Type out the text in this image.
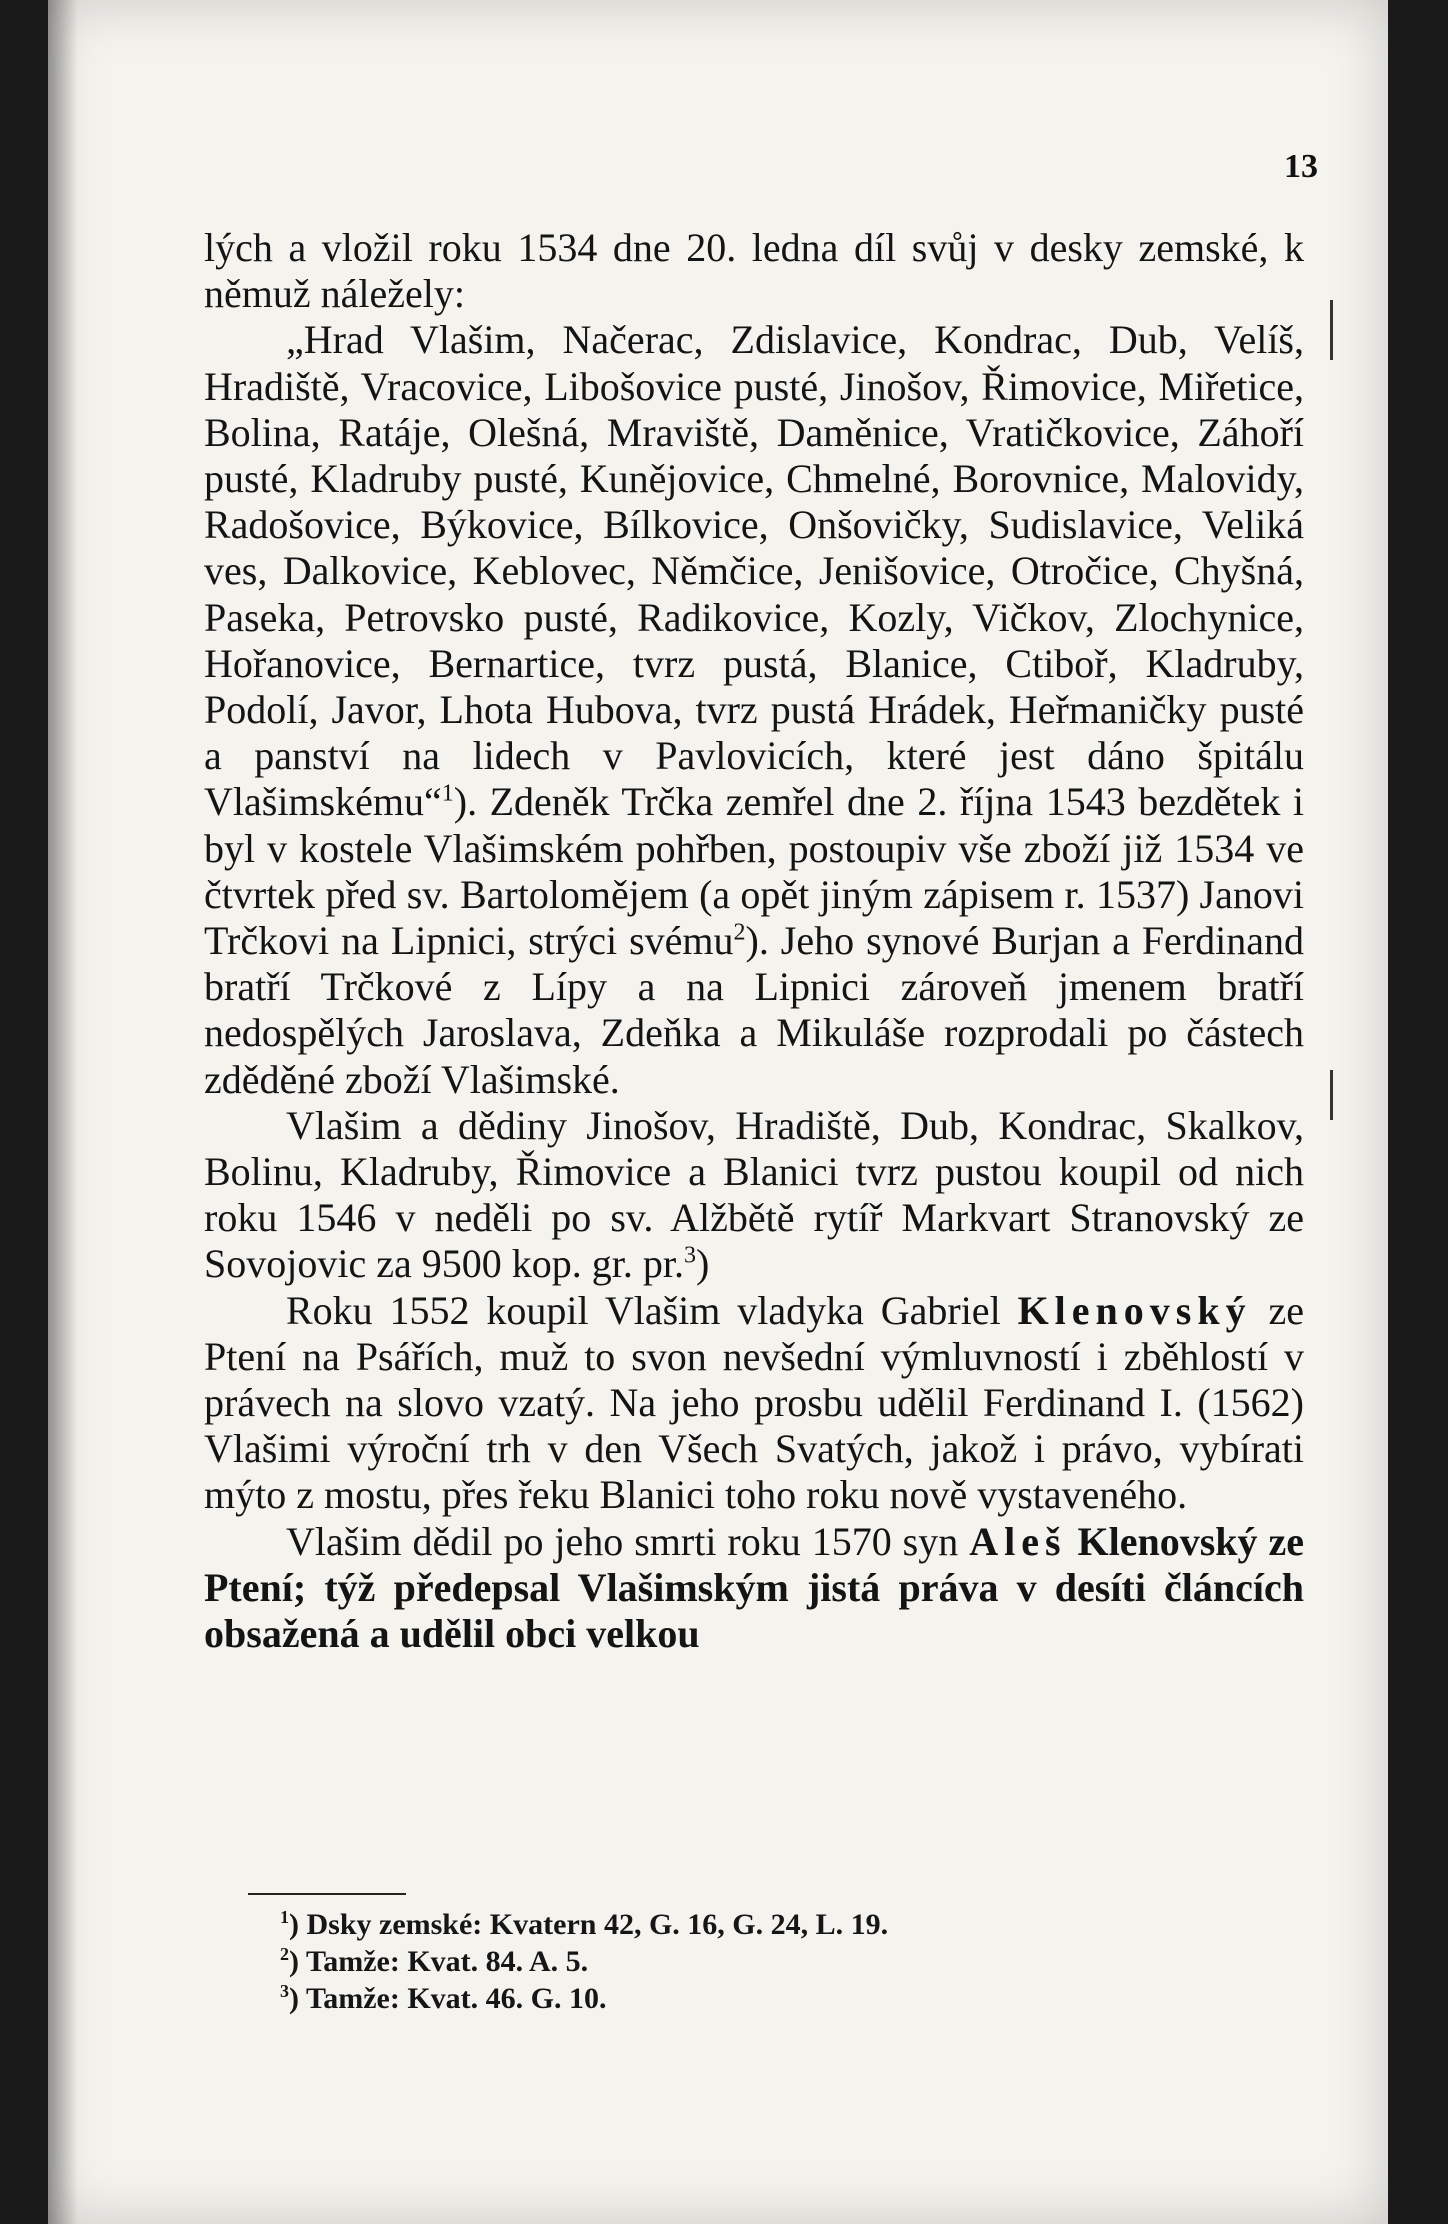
13

lých a vložil roku 1534 dne 20. ledna díl svůj v desky zemské, k němuž náležely:

„Hrad Vlašim, Načerac, Zdislavice, Kondrac, Dub, Velíš, Hradiště, Vracovice, Libošovice pusté, Jinošov, Řimovice, Miřetice, Bolina, Ratáje, Olešná, Mraviště, Daměnice, Vratičkovice, Záhoří pusté, Kladruby pusté, Kunějovice, Chmelné, Borovnice, Malovidy, Radošovice, Býkovice, Bílkovice, Onšovičky, Sudislavice, Veliká ves, Dalkovice, Keblovec, Němčice, Jenišovice, Otročice, Chyšná, Paseka, Petrovsko pusté, Radikovice, Kozly, Vičkov, Zlochynice, Hořanovice, Bernartice, tvrz pustá, Blanice, Ctiboř, Kladruby, Podolí, Javor, Lhota Hubova, tvrz pustá Hrádek, Heřmaničky pusté a panství na lidech v Pavlovicích, které jest dáno špitálu Vlašimskému“$^1$). Zdeněk Trčka zemřel dne 2. října 1543 bezdětek i byl v kostele Vlašimském pohřben, postoupiv vše zboží již 1534 ve čtvrtek před sv. Bartolomějem (a opět jiným zápisem r. 1537) Janovi Trčkovi na Lipnici, strýci svému$^2$). Jeho synové Burjan a Ferdinand bratří Trčkové z Lípy a na Lipnici zároveň jmenem bratří nedospělých Jaroslava, Zdeňka a Mikuláše rozprodali po částech zděděné zboží Vlašimské.

Vlašim a dědiny Jinošov, Hradiště, Dub, Kondrac, Skalkov, Bolinu, Kladruby, Řimovice a Blanici tvrz pustou koupil od nich roku 1546 v neděli po sv. Alžbětě rytíř Markvart Stranovský ze Sovojovic za 9500 kop. gr. pr.$^3$)

Roku 1552 koupil Vlašim vladyka Gabriel Klenovský ze Ptení na Psářích, muž to svon nevšední výmluvností i zběhlostí v právech na slovo vzatý. Na jeho prosbu udělil Ferdinand I. (1562) Vlašimi výroční trh v den Všech Svatých, jakož i právo, vybírati mýto z mostu, přes řeku Blanici toho roku nově vystaveného.

Vlašim dědil po jeho smrti roku 1570 syn Aleš Klenovský ze Ptení; týž předepsal Vlašimským jistá práva v desíti článcích obsažená a udělil obci velkou

$^1$) Dsky zemské: Kvatern 42, G. 16, G. 24, L. 19.
$^2$) Tamže: Kvat. 84. A. 5.
$^3$) Tamže: Kvat. 46. G. 10.
